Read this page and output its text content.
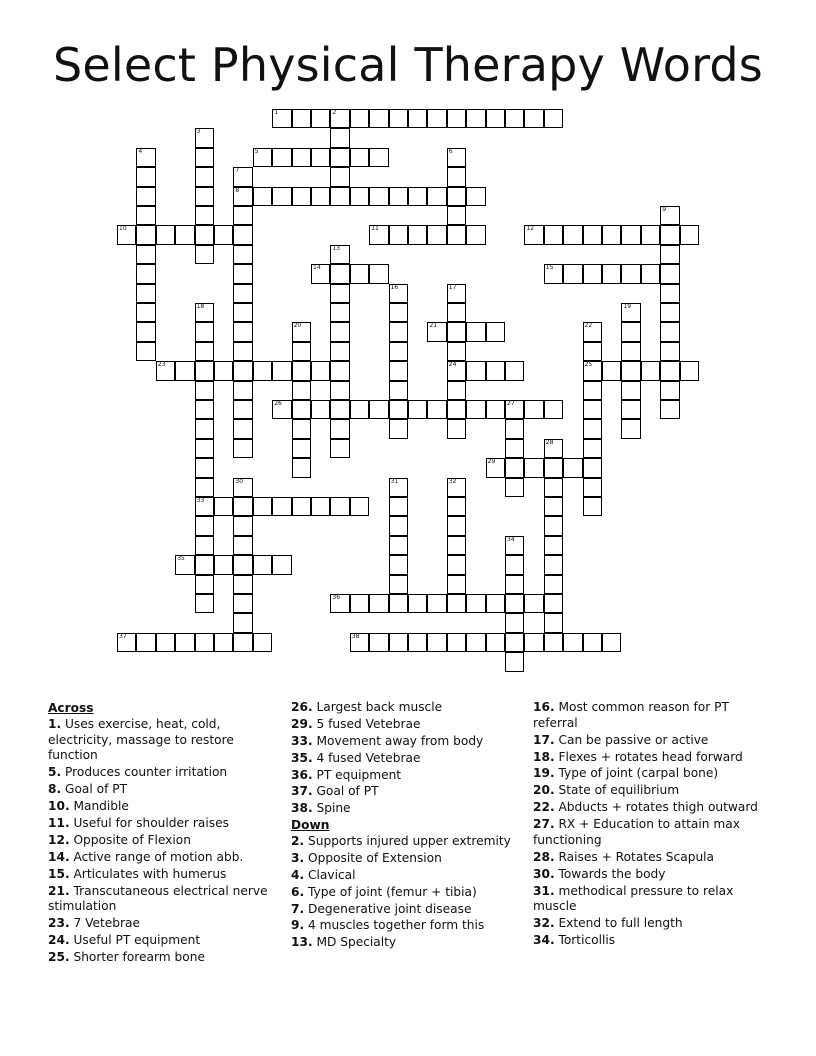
Select Physical Therapy Words
1	2
3
4	5	6
7
8
9
10	11	12
13
14	15
16	17
24
18
33
19
20	21	22
25
23
26	27
28
29
30	31	32
34
35
36
37	38
Across
1. Uses exercise, heat, cold, electricity, massage to restore function
5. Produces counter irritation
8. Goal of PT
10. Mandible
11. Useful for shoulder raises
12. Opposite of Flexion
14. Active range of motion abb.
15. Articulates with humerus
21. Transcutaneous electrical nerve stimulation
23. 7 Vetebrae
24. Useful PT equipment
25. Shorter forearm bone
26. Largest back muscle
29. 5 fused Vetebrae
33. Movement away from body
35. 4 fused Vetebrae
36. PT equipment
37. Goal of PT
38. Spine
Down
2. Supports injured upper extremity
3. Opposite of Extension
4. Clavical
6. Type of joint (femur + tibia)
7. Degenerative joint disease
9. 4 muscles together form this
13. MD Specialty
16. Most common reason for PT referral
17. Can be passive or active
18. Flexes + rotates head forward
19. Type of joint (carpal bone)
20. State of equilibrium
22. Abducts + rotates thigh outward
27. RX + Education to attain max functioning
28. Raises + Rotates Scapula
30. Towards the body
31. methodical pressure to relax muscle
32. Extend to full length
34. Torticollis
